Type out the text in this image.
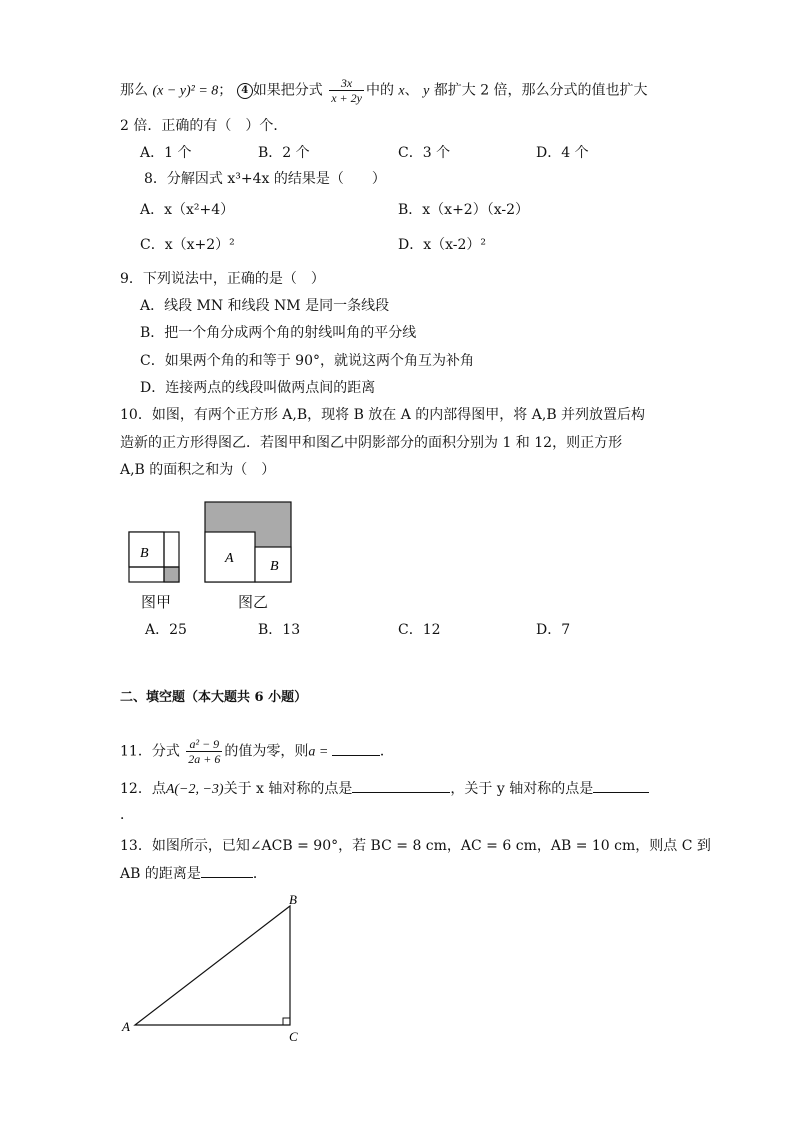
那么 (x − y)² = 8； 4 如果把分式 $\frac{3x}{x + 2y}$ 中的 x、 y 都扩大 2 倍，那么分式的值也扩大
2 倍．正确的有（　）个．
A．1 个	B．2 个	C．3 个	D．4 个
8．分解因式 x³+4x 的结果是（　　）
A．x（x²+4）	B．x（x+2）（x-2）
C．x（x+2）²	D．x（x-2）²
9．下列说法中，正确的是（　）
A．线段 MN 和线段 NM 是同一条线段
B．把一个角分成两个角的射线叫角的平分线
C．如果两个角的和等于 90°，就说这两个角互为补角
D．连接两点的线段叫做两点间的距离
10．如图，有两个正方形 A,B，现将 B 放在 A 的内部得图甲，将 A,B 并列放置后构
造新的正方形得图乙．若图甲和图乙中阴影部分的面积分别为 1 和 12，则正方形
A,B 的面积之和为（　）
B	A
B
图甲	图乙
A．25	B．13	C．12	D．7
二、填空题（本大题共 6 小题）
11．分式 $\frac{\text{a² − 9}}{2a + 6}$ 的值为零，则a =	．
12．点A(−2, −3)关于 x 轴对称的点是	，关于 y 轴对称的点是
．
13．如图所示，已知∠ACB = 90°，若 BC = 8 cm，AC = 6 cm，AB = 10 cm，则点 C 到
AB 的距离是	．
A
B
C
